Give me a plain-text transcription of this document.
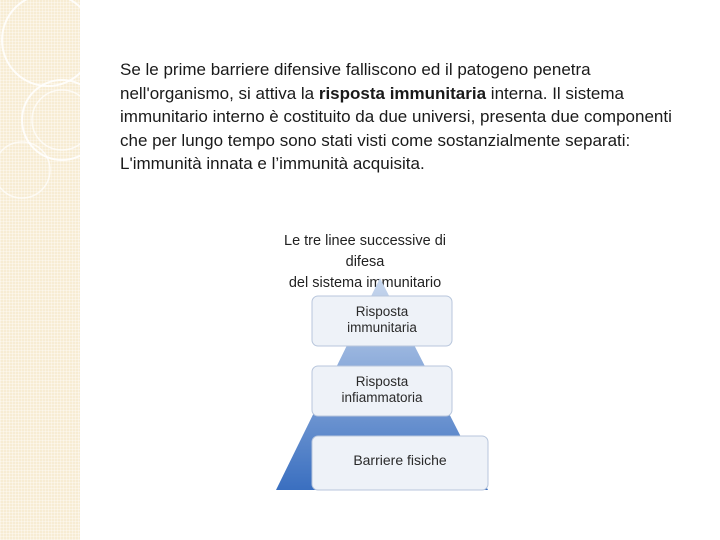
Se le prime barriere difensive falliscono ed il patogeno penetra nell'organismo, si attiva la risposta immunitaria interna. Il sistema immunitario interno è costituito da due universi, presenta due componenti che per lungo tempo sono stati visti come sostanzialmente separati: L'immunità innata e l’immunità acquisita.

Le tre linee successive di difesa
del sistema immunitario
Risposta
immunitaria
Risposta
infiammatoria
Barriere fisiche
